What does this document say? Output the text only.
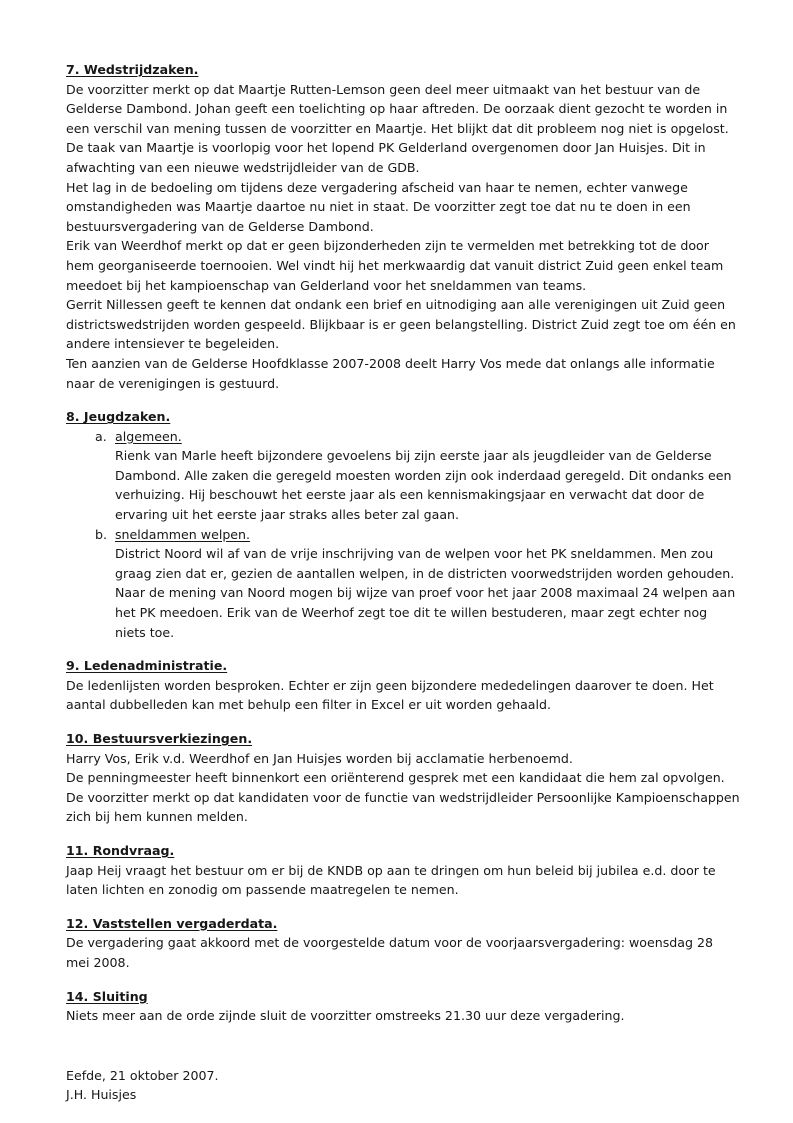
7. Wedstrijdzaken.

De voorzitter merkt op dat Maartje Rutten-Lemson geen deel meer uitmaakt van het bestuur van de Gelderse Dambond. Johan geeft een toelichting op haar aftreden. De oorzaak dient gezocht te worden in een verschil van mening tussen de voorzitter en Maartje. Het blijkt dat dit probleem nog niet is opgelost.

De taak van Maartje is voorlopig voor het lopend PK Gelderland overgenomen door Jan Huisjes. Dit in afwachting van een nieuwe wedstrijdleider van de GDB.

Het lag in de bedoeling om tijdens deze vergadering afscheid van haar te nemen, echter vanwege omstandigheden was Maartje daartoe nu niet in staat. De voorzitter zegt toe dat nu te doen in een bestuursvergadering van de Gelderse Dambond.

Erik van Weerdhof merkt op dat er geen bijzonderheden zijn te vermelden met betrekking tot de door hem georganiseerde toernooien. Wel vindt hij het merkwaardig dat vanuit district Zuid geen enkel team meedoet bij het kampioenschap van Gelderland voor het sneldammen van teams.

Gerrit Nillessen geeft te kennen dat ondank een brief en uitnodiging aan alle verenigingen uit Zuid geen districtswedstrijden worden gespeeld. Blijkbaar is er geen belangstelling. District Zuid zegt toe om één en andere intensiever te begeleiden.

Ten aanzien van de Gelderse Hoofdklasse 2007-2008 deelt Harry Vos mede dat onlangs alle informatie naar de verenigingen is gestuurd.

8. Jeugdzaken.
a. algemeen.
Rienk van Marle heeft bijzondere gevoelens bij zijn eerste jaar als jeugdleider van de Gelderse Dambond. Alle zaken die geregeld moesten worden zijn ook inderdaad geregeld. Dit ondanks een verhuizing. Hij beschouwt het eerste jaar als een kennismakingsjaar en verwacht dat door de ervaring uit het eerste jaar straks alles beter zal gaan.
b. sneldammen welpen.
District Noord wil af van de vrije inschrijving van de welpen voor het PK sneldammen. Men zou graag zien dat er, gezien de aantallen welpen, in de districten voorwedstrijden worden gehouden. Naar de mening van Noord mogen bij wijze van proef voor het jaar 2008 maximaal 24 welpen aan het PK meedoen. Erik van de Weerhof zegt toe dit te willen bestuderen, maar zegt echter nog niets toe.
9. Ledenadministratie.

De ledenlijsten worden besproken. Echter er zijn geen bijzondere mededelingen daarover te doen. Het aantal dubbelleden kan met behulp een filter in Excel er uit worden gehaald.

10. Bestuursverkiezingen.

Harry Vos, Erik v.d. Weerdhof en Jan Huisjes worden bij acclamatie herbenoemd.

De penningmeester heeft binnenkort een oriënterend gesprek met een kandidaat die hem zal opvolgen.

De voorzitter merkt op dat kandidaten voor de functie van wedstrijdleider Persoonlijke Kampioenschappen zich bij hem kunnen melden.

11. Rondvraag.

Jaap Heij vraagt het bestuur om er bij de KNDB op aan te dringen om hun beleid bij jubilea e.d. door te laten lichten en zonodig om passende maatregelen te nemen.

12. Vaststellen vergaderdata.

De vergadering gaat akkoord met de voorgestelde datum voor de voorjaarsvergadering: woensdag 28 mei 2008.

14. Sluiting

Niets meer aan de orde zijnde sluit de voorzitter omstreeks 21.30 uur deze vergadering.

Eefde, 21 oktober 2007.

J.H. Huisjes
